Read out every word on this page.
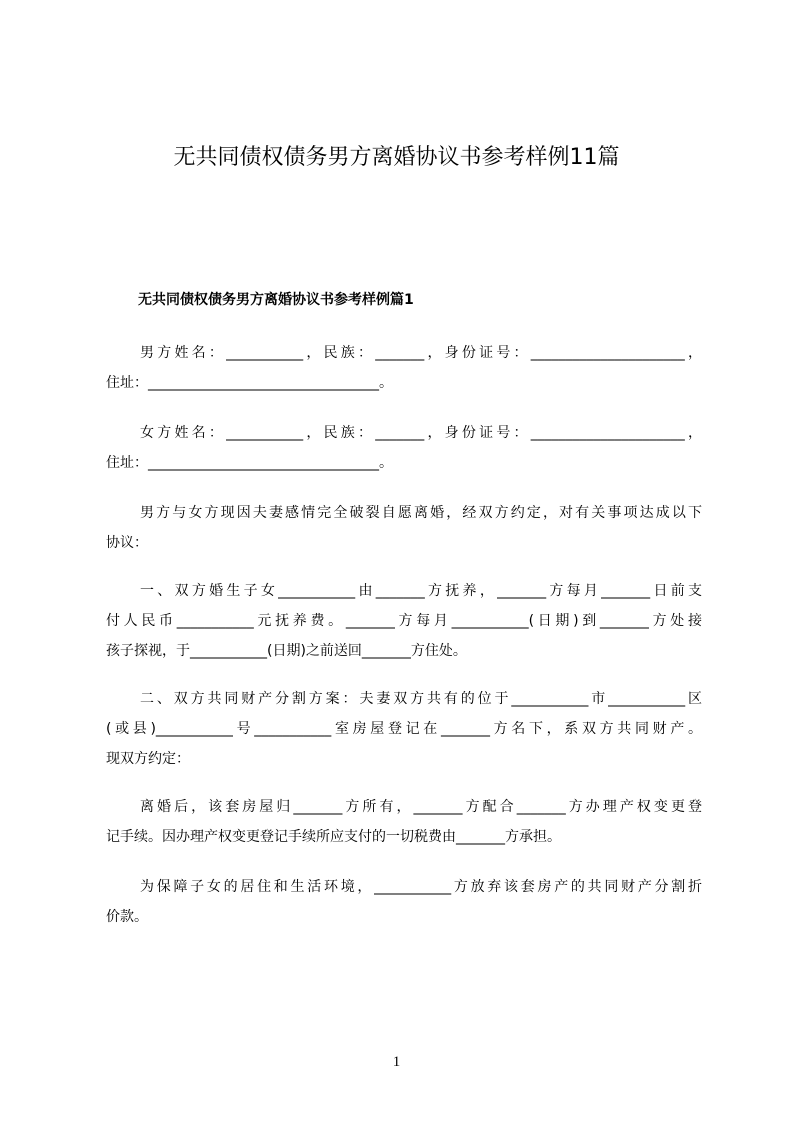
无共同债权债务男方离婚协议书参考样例11篇
无共同债权债务男方离婚协议书参考样例篇1
男方姓名：___________，民族：_______，身份证号：______________________，
住址：_________________________________。
女方姓名：___________，民族：_______，身份证号：______________________，
住址：_________________________________。
男方与女方现因夫妻感情完全破裂自愿离婚，经双方约定，对有关事项达成以下
协议：
一、双方婚生子女___________由_______方抚养，_______方每月_______日前支
付人民币___________元抚养费。_______方每月___________(日期)到_______方处接
孩子探视，于___________(日期)之前送回_______方住处。
二、双方共同财产分割方案：夫妻双方共有的位于___________市___________区
(或县)___________号___________室房屋登记在_______方名下，系双方共同财产。
现双方约定：
离婚后，该套房屋归_______方所有，_______方配合_______方办理产权变更登
记手续。因办理产权变更登记手续所应支付的一切税费由_______方承担。
为保障子女的居住和生活环境，___________方放弃该套房产的共同财产分割折
价款。
1
